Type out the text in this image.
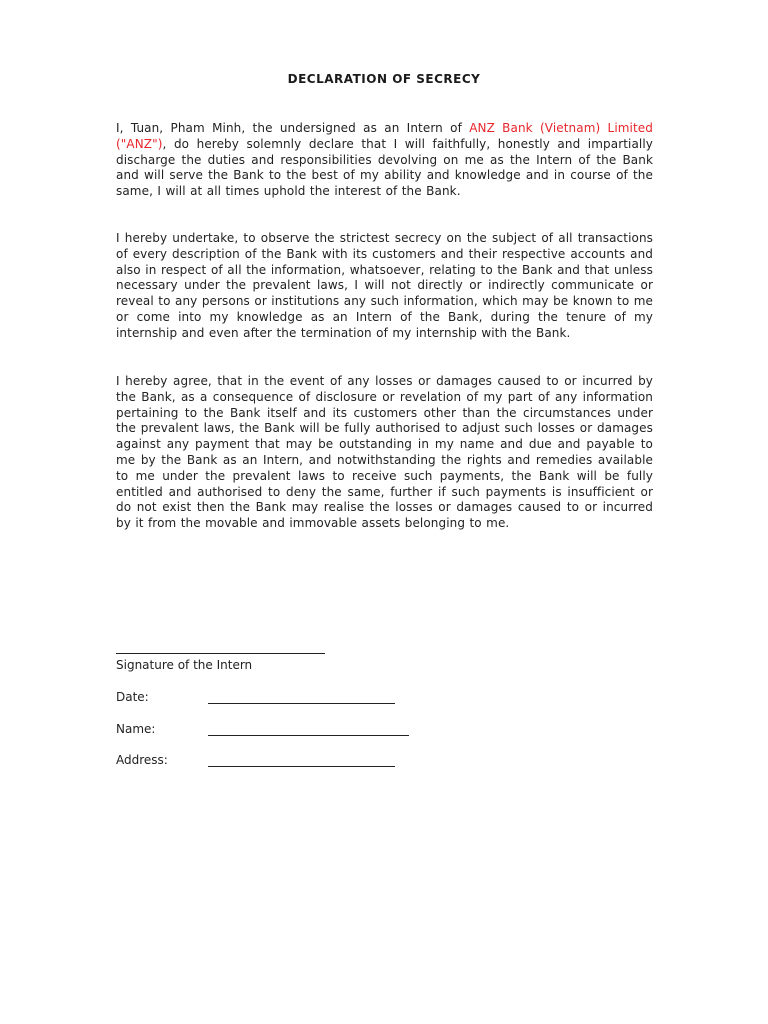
DECLARATION OF SECRECY
I, Tuan, Pham Minh, the undersigned as an Intern of ANZ Bank (Vietnam) Limited ("ANZ"), do hereby solemnly declare that I will faithfully, honestly and impartially discharge the duties and responsibilities devolving on me as the Intern of the Bank and will serve the Bank to the best of my ability and knowledge and in course of the same, I will at all times uphold the interest of the Bank.
I hereby undertake, to observe the strictest secrecy on the subject of all transactions of every description of the Bank with its customers and their respective accounts and also in respect of all the information, whatsoever, relating to the Bank and that unless necessary under the prevalent laws, I will not directly or indirectly communicate or reveal to any persons or institutions any such information, which may be known to me or come into my knowledge as an Intern of the Bank, during the tenure of my internship and even after the termination of my internship with the Bank.
I hereby agree, that in the event of any losses or damages caused to or incurred by the Bank, as a consequence of disclosure or revelation of my part of any information pertaining to the Bank itself and its customers other than the circumstances under the prevalent laws, the Bank will be fully authorised to adjust such losses or damages against any payment that may be outstanding in my name and due and payable to me by the Bank as an Intern, and notwithstanding the rights and remedies available to me under the prevalent laws to receive such payments, the Bank will be fully entitled and authorised to deny the same, further if such payments is insufficient or do not exist then the Bank may realise the losses or damages caused to or incurred by it from the movable and immovable assets belonging to me.
Signature of the Intern
Date:
Name:
Address:
